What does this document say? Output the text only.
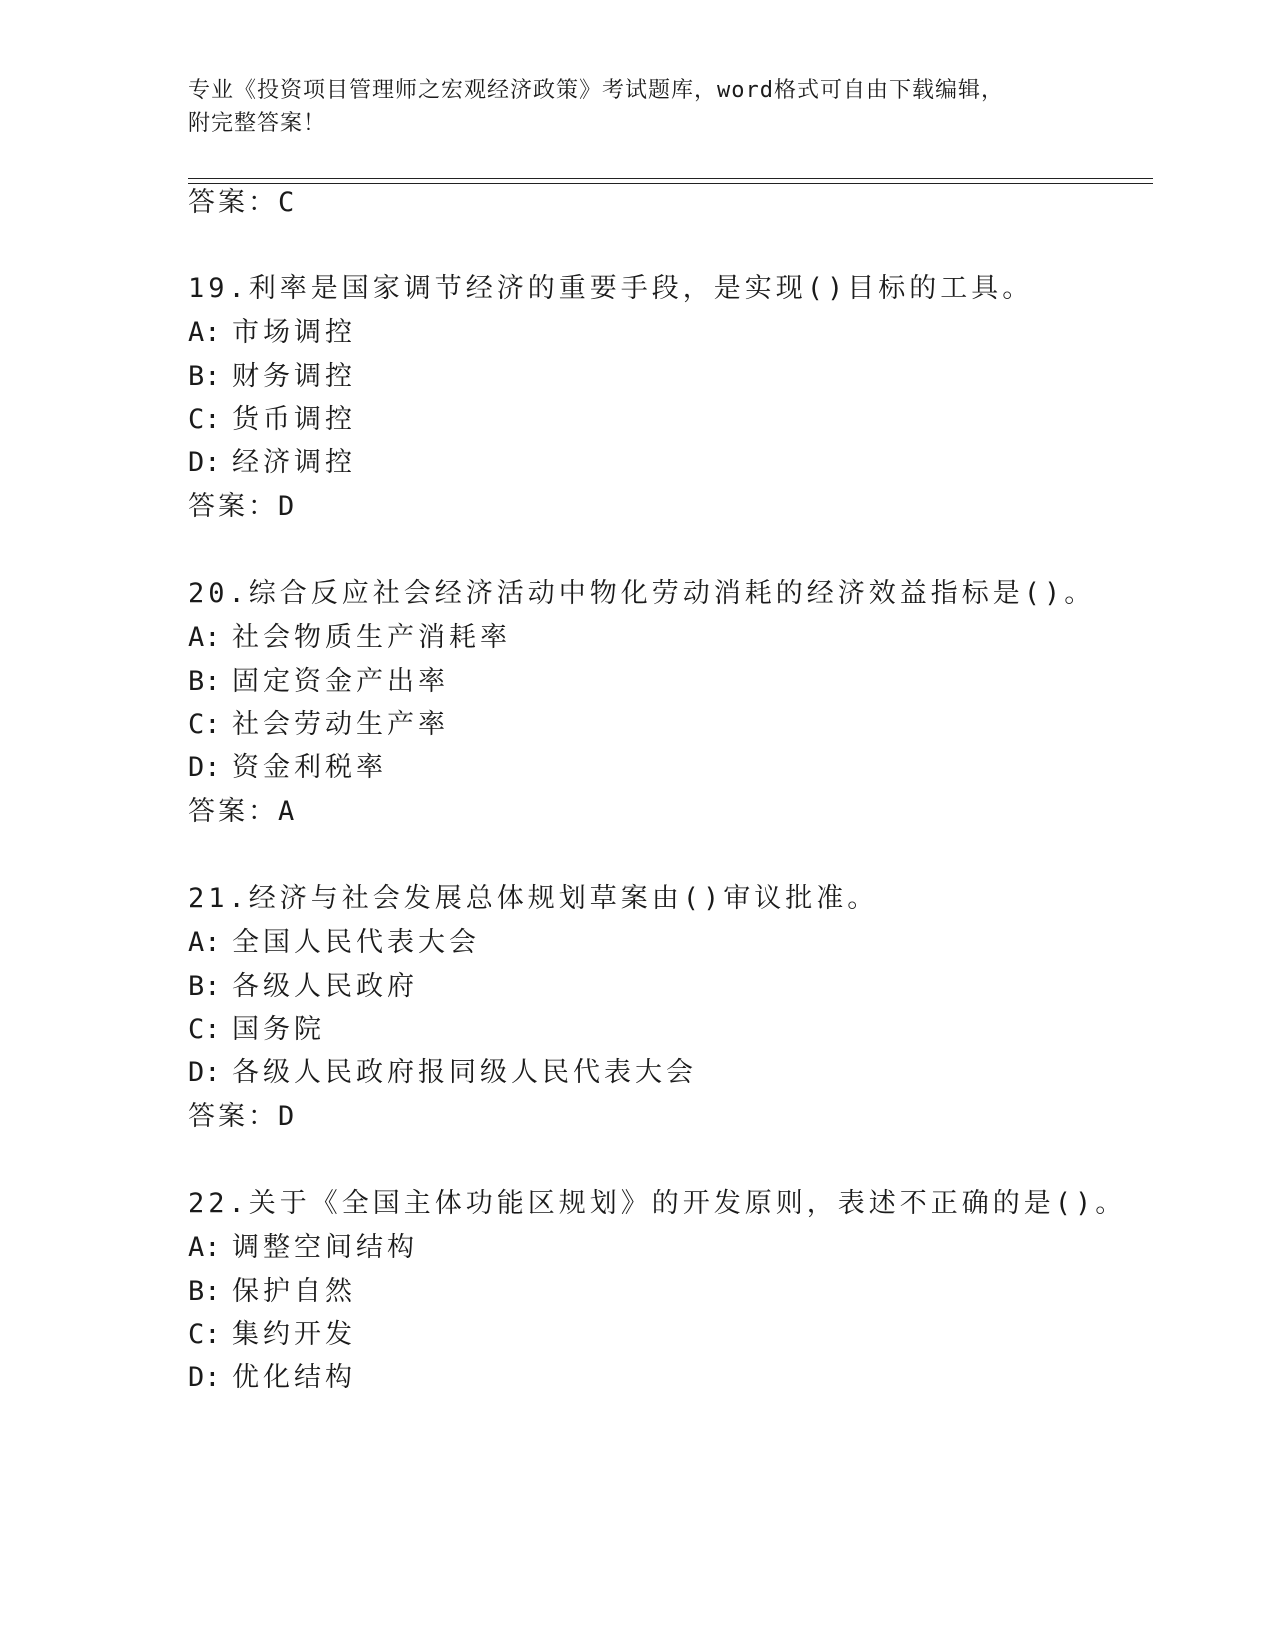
专业《投资项目管理师之宏观经济政策》考试题库，word格式可自由下载编辑，
附完整答案！
答案：C
19.利率是国家调节经济的重要手段，是实现()目标的工具。
A: 市场调控
B: 财务调控
C: 货币调控
D: 经济调控
答案：D
20.综合反应社会经济活动中物化劳动消耗的经济效益指标是()。
A: 社会物质生产消耗率
B: 固定资金产出率
C: 社会劳动生产率
D: 资金利税率
答案：A
21.经济与社会发展总体规划草案由()审议批准。
A: 全国人民代表大会
B: 各级人民政府
C: 国务院
D: 各级人民政府报同级人民代表大会
答案：D
22.关于《全国主体功能区规划》的开发原则，表述不正确的是()。
A: 调整空间结构
B: 保护自然
C: 集约开发
D: 优化结构
